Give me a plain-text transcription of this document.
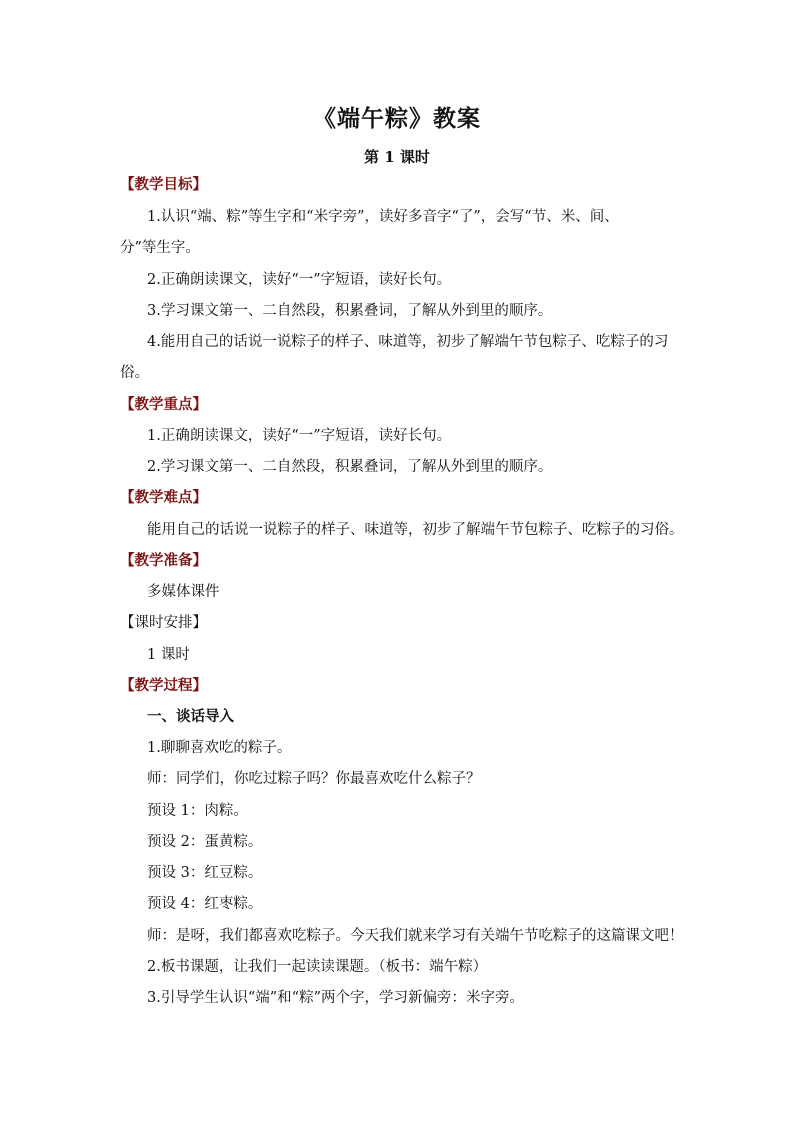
《端午粽》教案
第 1 课时
【教学目标】
1.认识“端、粽”等生字和“米字旁”，读好多音字“了”，会写“节、米、间、
分”等生字。
2.正确朗读课文，读好“一”字短语，读好长句。
3.学习课文第一、二自然段，积累叠词，了解从外到里的顺序。
4.能用自己的话说一说粽子的样子、味道等，初步了解端午节包粽子、吃粽子的习
俗。
【教学重点】
1.正确朗读课文，读好“一”字短语，读好长句。
2.学习课文第一、二自然段，积累叠词，了解从外到里的顺序。
【教学难点】
能用自己的话说一说粽子的样子、味道等，初步了解端午节包粽子、吃粽子的习俗。
【教学准备】
多媒体课件
【课时安排】
1 课时
【教学过程】
一、谈话导入
1.聊聊喜欢吃的粽子。
师：同学们，你吃过粽子吗？你最喜欢吃什么粽子？
预设 1：肉粽。
预设 2：蛋黄粽。
预设 3：红豆粽。
预设 4：红枣粽。
师：是呀，我们都喜欢吃粽子。今天我们就来学习有关端午节吃粽子的这篇课文吧！
2.板书课题，让我们一起读读课题。（板书：端午粽）
3.引导学生认识“端”和“粽”两个字，学习新偏旁：米字旁。
